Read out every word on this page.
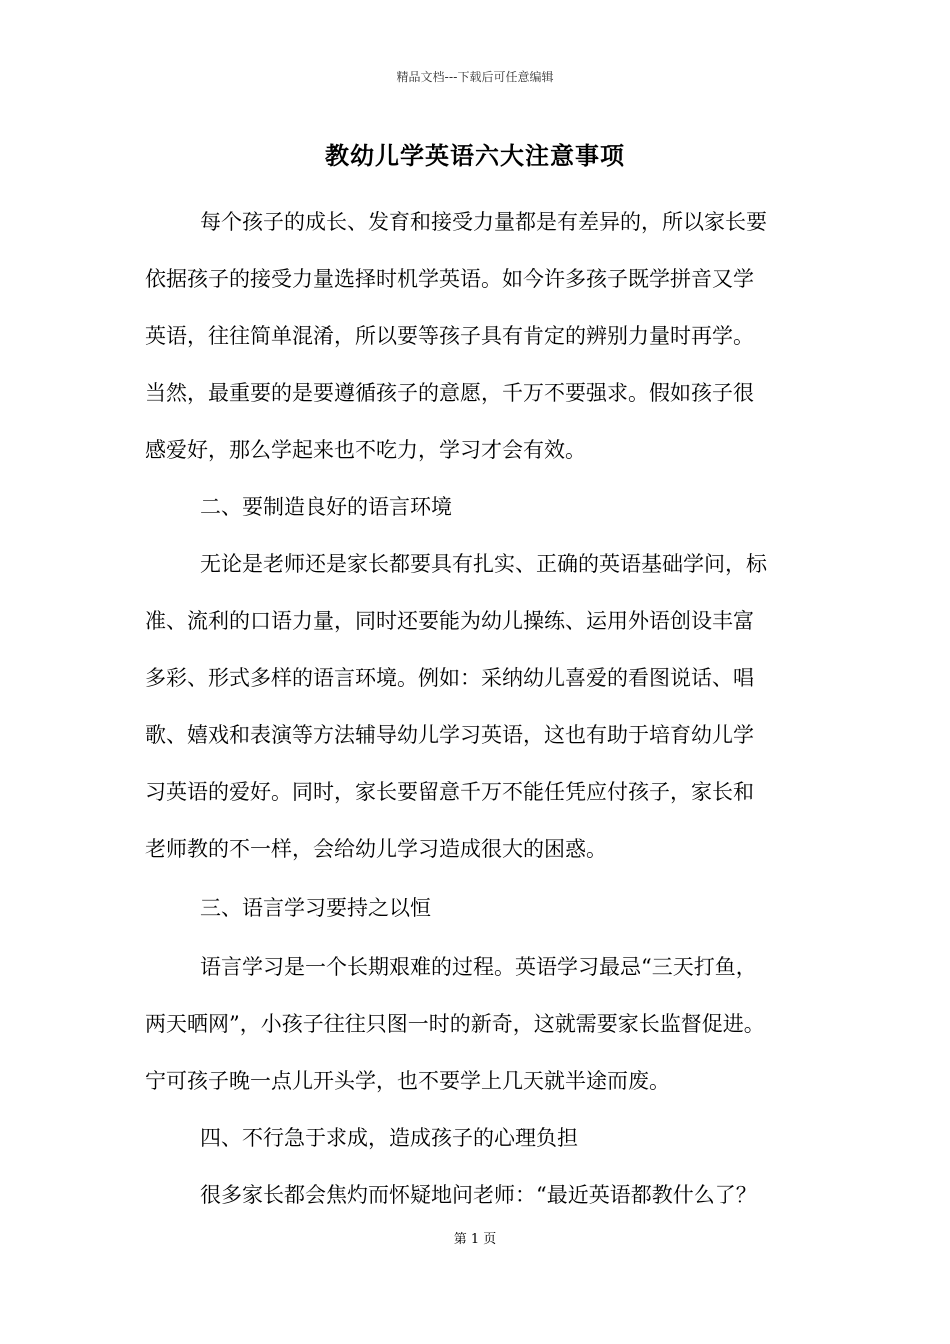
精品文档---下载后可任意编辑
教幼儿学英语六大注意事项
每个孩子的成长、发育和接受力量都是有差异的，所以家长要
依据孩子的接受力量选择时机学英语。如今许多孩子既学拼音又学
英语，往往简单混淆，所以要等孩子具有肯定的辨别力量时再学。
当然，最重要的是要遵循孩子的意愿，千万不要强求。假如孩子很
感爱好，那么学起来也不吃力，学习才会有效。
二、要制造良好的语言环境
无论是老师还是家长都要具有扎实、正确的英语基础学问，标
准、流利的口语力量，同时还要能为幼儿操练、运用外语创设丰富
多彩、形式多样的语言环境。例如：采纳幼儿喜爱的看图说话、唱
歌、嬉戏和表演等方法辅导幼儿学习英语，这也有助于培育幼儿学
习英语的爱好。同时，家长要留意千万不能任凭应付孩子，家长和
老师教的不一样，会给幼儿学习造成很大的困惑。
三、语言学习要持之以恒
语言学习是一个长期艰难的过程。英语学习最忌“三天打鱼，
两天晒网”，小孩子往往只图一时的新奇，这就需要家长监督促进。
宁可孩子晚一点儿开头学，也不要学上几天就半途而废。
四、不行急于求成，造成孩子的心理负担
很多家长都会焦灼而怀疑地问老师：“最近英语都教什么了？
第 1 页
